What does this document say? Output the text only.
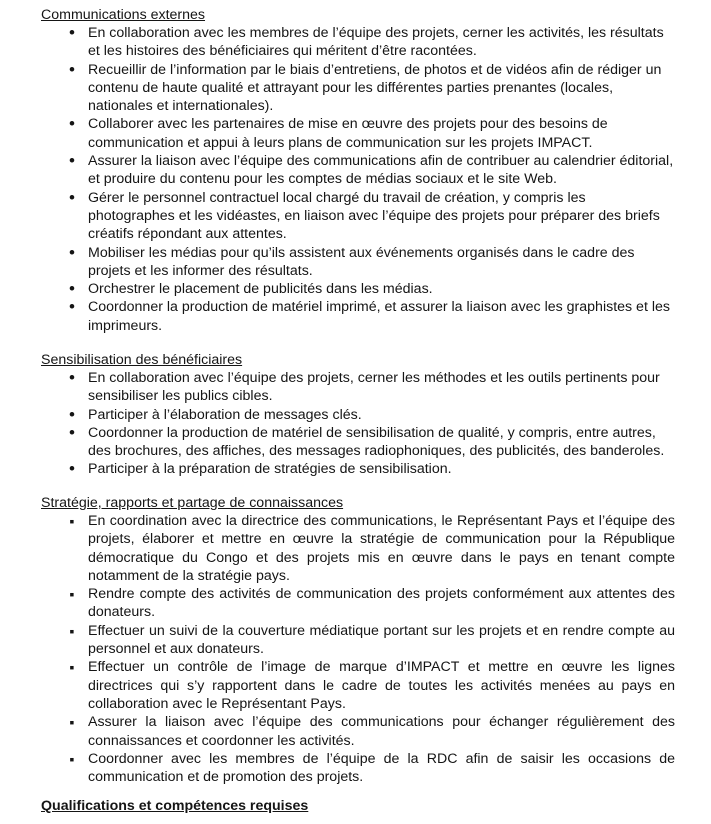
Communications externes
•
En collaboration avec les membres de l’équipe des projets, cerner les activités, les résultats et les histoires des bénéficiaires qui méritent d’être racontées.
•
Recueillir de l’information par le biais d’entretiens, de photos et de vidéos afin de rédiger un contenu de haute qualité et attrayant pour les différentes parties prenantes (locales, nationales et internationales).
•
Collaborer avec les partenaires de mise en œuvre des projets pour des besoins de communication et appui à leurs plans de communication sur les projets IMPACT.
•
Assurer la liaison avec l’équipe des communications afin de contribuer au calendrier éditorial, et produire du contenu pour les comptes de médias sociaux et le site Web.
•
Gérer le personnel contractuel local chargé du travail de création, y compris les photographes et les vidéastes, en liaison avec l’équipe des projets pour préparer des briefs créatifs répondant aux attentes.
•
Mobiliser les médias pour qu’ils assistent aux événements organisés dans le cadre des projets et les informer des résultats.
•
Orchestrer le placement de publicités dans les médias.
•
Coordonner la production de matériel imprimé, et assurer la liaison avec les graphistes et les imprimeurs.
Sensibilisation des bénéficiaires
•
En collaboration avec l’équipe des projets, cerner les méthodes et les outils pertinents pour sensibiliser les publics cibles.
•
Participer à l’élaboration de messages clés.
•
Coordonner la production de matériel de sensibilisation de qualité, y compris, entre autres, des brochures, des affiches, des messages radiophoniques, des publicités, des banderoles.
•
Participer à la préparation de stratégies de sensibilisation.
Stratégie, rapports et partage de connaissances
▪
En coordination avec la directrice des communications, le Représentant Pays et l’équipe des projets, élaborer et mettre en œuvre la stratégie de communication pour la République démocratique du Congo et des projets mis en œuvre dans le pays en tenant compte notamment de la stratégie pays.
▪
Rendre compte des activités de communication des projets conformément aux attentes des donateurs.
▪
Effectuer un suivi de la couverture médiatique portant sur les projets et en rendre compte au personnel et aux donateurs.
▪
Effectuer un contrôle de l’image de marque d’IMPACT et mettre en œuvre les lignes directrices qui s’y rapportent dans le cadre de toutes les activités menées au pays en collaboration avec le Représentant Pays.
▪
Assurer la liaison avec l’équipe des communications pour échanger régulièrement des connaissances et coordonner les activités.
▪
Coordonner avec les membres de l’équipe de la RDC afin de saisir les occasions de communication et de promotion des projets.
Qualifications et compétences requises
